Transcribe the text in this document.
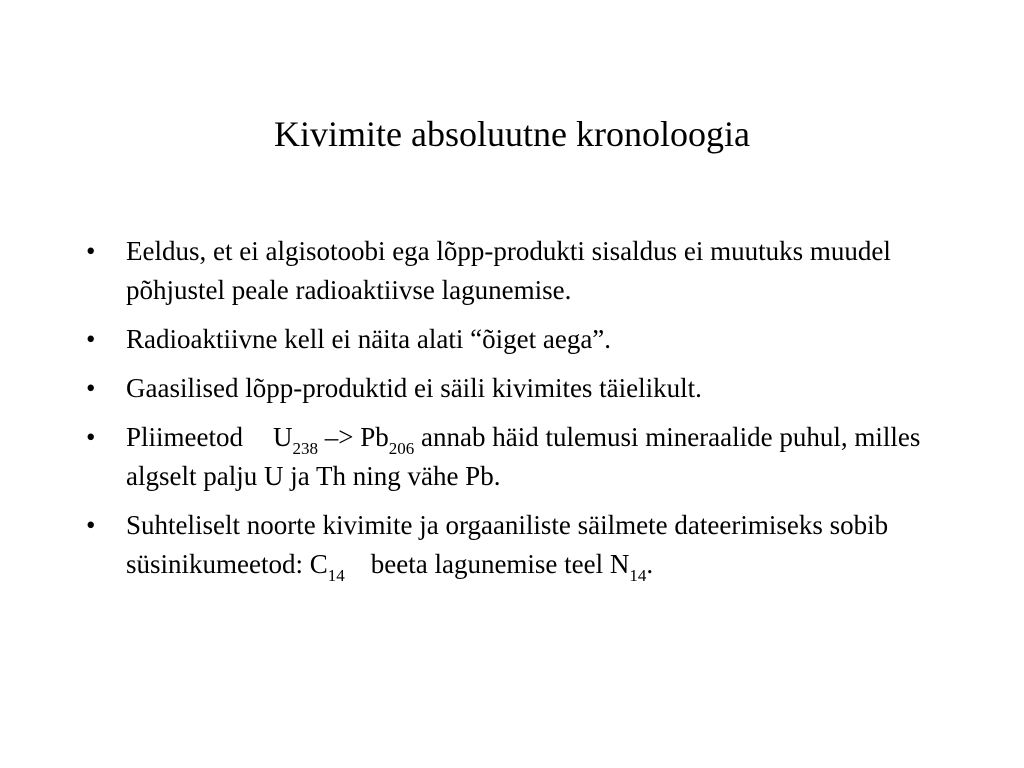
Kivimite absoluutne kronoloogia
•	Eeldus, et ei algisotoobi ega lõpp-produkti sisaldus ei muutuks muudel põhjustel peale radioaktiivse lagunemise.
•	Radioaktiivne kell ei näita alati “õiget aega”.
•	Gaasilised lõpp-produktid ei säili kivimites täielikult.
•	Pliimeetod $U_{238} -> Pb_{206}$ annab häid tulemusi mineraalide puhul, milles algselt palju U ja Th ning vähe Pb.
•	Suhteliselt noorte kivimite ja orgaaniliste säilmete dateerimiseks sobib süsinikumeetod: $C_{14}$ beeta lagunemise teel $N_{14}$.
